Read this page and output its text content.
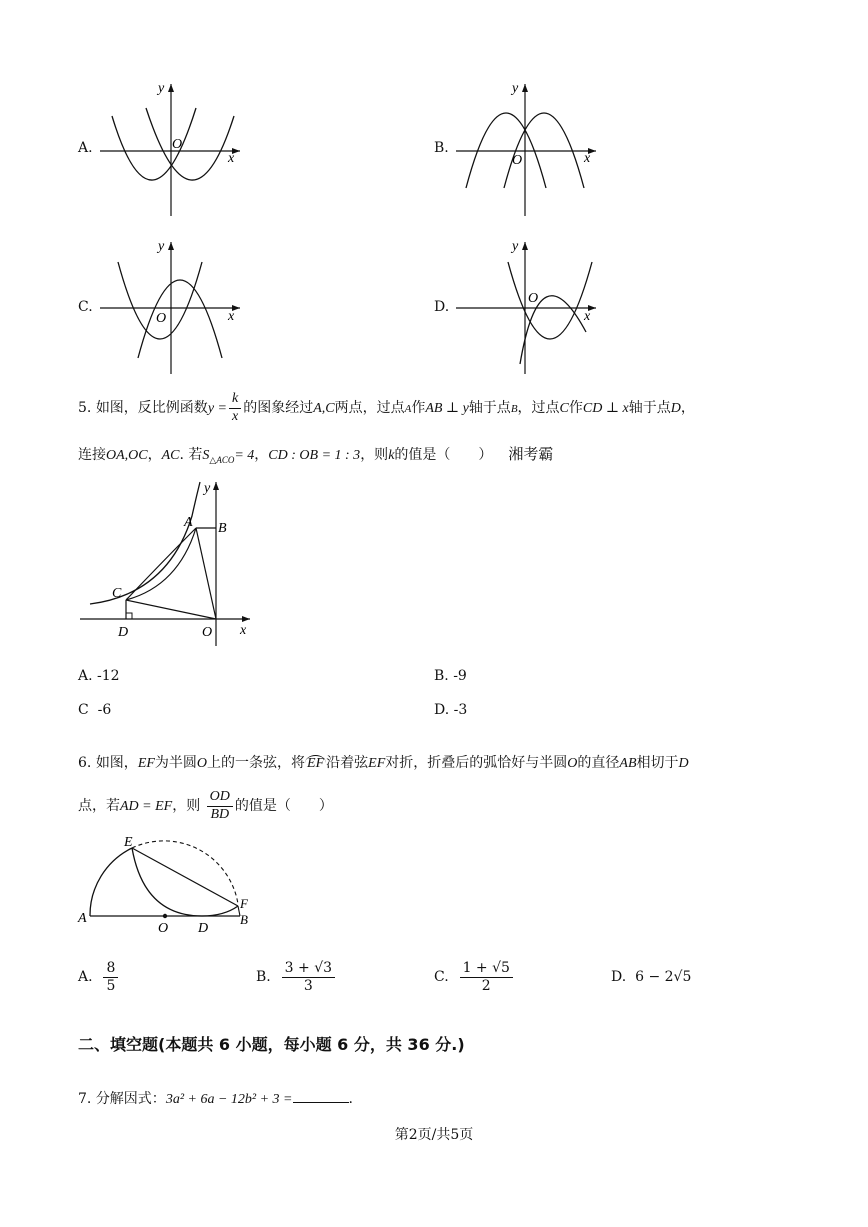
A.
y
x
O	B.
y
x
O
C.
y
x
O
D.
y
x
O
5. 如图，反比例函数$y = \frac{k}{x}$ 的图象经过A,C两点，过点A作AB ⊥ y轴于点B，过点C作CD ⊥ x轴于点D，
连接OA,OC，AC. 若$S_{\triangle ACO}= 4$，CD : OB = 1 : 3，则k的值是（　　） 湘考霸
y
x
A B
C
D	O
A. -12	B. -9
C -6	D. -3
6. 如图，EF为半圆O上的一条弦，将 EF 沿着弦EF对折，折叠后的弧恰好与半圆O的直径AB相切于D
点，若AD = EF，则 $\frac{OD}{BD}$ 的值是（　　）
A
E
F
B
O D
A. $\frac{8}{5}$	B. $\frac{3 + √3}{3}$	C. $\frac{1 + √5}{2}$	D. 6 − 2√5
二、填空题(本题共 6 小题，每小题 6 分，共 36 分.)
7. 分解因式：3a² + 6a − 12b² + 3 =	.
第2页/共5页
